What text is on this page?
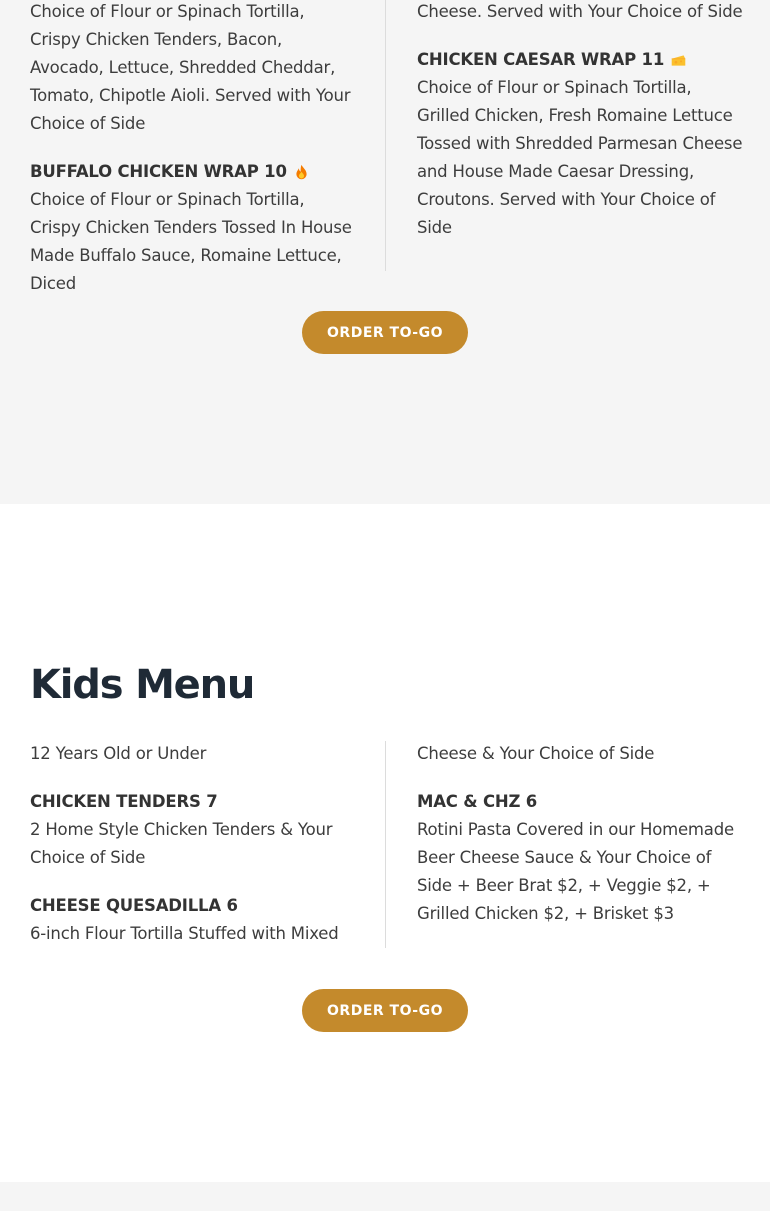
Choice of Flour or Spinach Tortilla, Crispy Chicken Tenders, Bacon, Avocado, Lettuce, Shredded Cheddar, Tomato, Chipotle Aioli. Served with Your Choice of Side

BUFFALO CHICKEN WRAP 10

Choice of Flour or Spinach Tortilla, Crispy Chicken Tenders Tossed In House Made Buffalo Sauce, Romaine Lettuce, Diced

Cheese. Served with Your Choice of Side

CHICKEN CAESAR WRAP 11

Choice of Flour or Spinach Tortilla, Grilled Chicken, Fresh Romaine Lettuce Tossed with Shredded Parmesan Cheese and House Made Caesar Dressing, Croutons. Served with Your Choice of Side

ORDER TO-GO
Kids Menu

12 Years Old or Under

CHICKEN TENDERS 7

2 Home Style Chicken Tenders & Your Choice of Side

CHEESE QUESADILLA 6

6-inch Flour Tortilla Stuffed with Mixed

Cheese & Your Choice of Side

MAC & CHZ 6

Rotini Pasta Covered in our Homemade Beer Cheese Sauce & Your Choice of Side + Beer Brat $2, + Veggie $2, + Grilled Chicken $2, + Brisket $3

ORDER TO-GO
